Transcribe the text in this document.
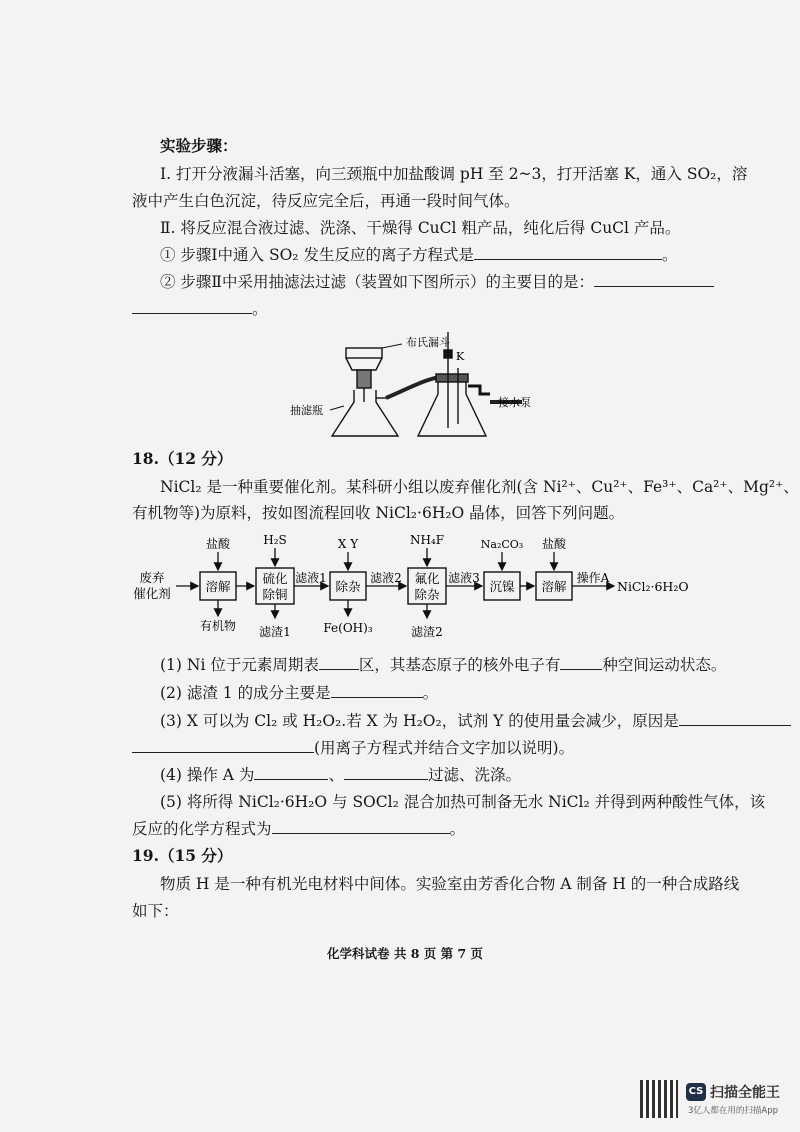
实验步骤：
Ⅰ. 打开分液漏斗活塞，向三颈瓶中加盐酸调 pH 至 2~3，打开活塞 K，通入 SO₂，溶
液中产生白色沉淀，待反应完全后，再通一段时间气体。
Ⅱ. 将反应混合液过滤、洗涤、干燥得 CuCl 粗产品，纯化后得 CuCl 产品。
① 步骤Ⅰ中通入 SO₂ 发生反应的离子方程式是	。
② 步骤Ⅱ中采用抽滤法过滤（装置如下图所示）的主要目的是：
。
布氏漏斗
K
抽滤瓶
接水泵
18.（12 分）
NiCl₂ 是一种重要催化剂。某科研小组以废弃催化剂(含 Ni²⁺、Cu²⁺、Fe³⁺、Ca²⁺、Mg²⁺、
有机物等)为原料，按如图流程回收 NiCl₂·6H₂O 晶体，回答下列问题。
废弃
催化剂	溶解
硫化
除铜
除杂
氟化
除杂
沉镍 溶解
滤液1	滤液2	滤液3	操作A
NiCl₂·6H₂O
盐酸	H₂S	X Y	NH₄F	Na₂CO₃ 盐酸
有机物 滤渣1	Fe(OH)₃	滤渣2
(1) Ni 位于元素周期表	区，其基态原子的核外电子有	种空间运动状态。
(2) 滤渣 1 的成分主要是	。
(3) X 可以为 Cl₂ 或 H₂O₂.若 X 为 H₂O₂，试剂 Y 的使用量会减少，原因是
(用离子方程式并结合文字加以说明)。
(4) 操作 A 为	、	过滤、洗涤。
(5) 将所得 NiCl₂·6H₂O 与 SOCl₂ 混合加热可制备无水 NiCl₂ 并得到两种酸性气体，该
反应的化学方程式为	。
19.（15 分）
物质 H 是一种有机光电材料中间体。实验室由芳香化合物 A 制备 H 的一种合成路线
如下：
化学科试卷 共 8 页 第 7 页
CS 扫描全能王
3亿人都在用的扫描App
